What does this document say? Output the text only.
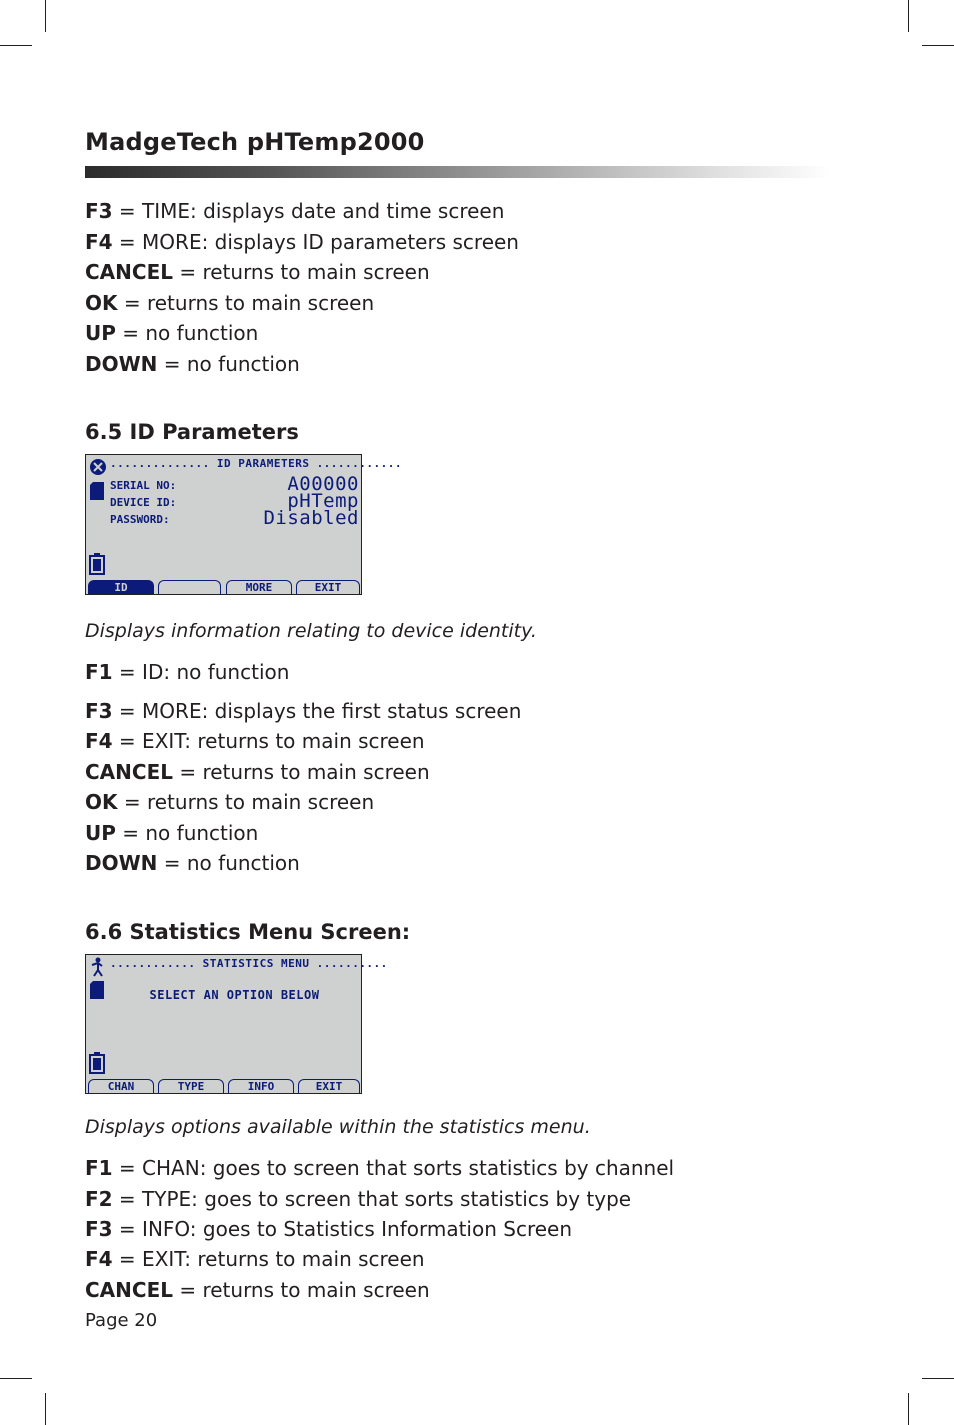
MadgeTech pHTemp2000
F3 = TIME: displays date and time screen
F4 = MORE: displays ID parameters screen
CANCEL = returns to main screen
OK = returns to main screen
UP = no function
DOWN = no function
6.5 ID Parameters
.............. ID PARAMETERS ............
SERIAL NO:	A00000
DEVICE ID:	pHTemp
PASSWORD:	Disabled
ID	MORE	EXIT
Displays information relating to device identity.
F1 = ID: no function
F3 = MORE: displays the first status screen
F4 = EXIT: returns to main screen
CANCEL = returns to main screen
OK = returns to main screen
UP = no function
DOWN = no function
6.6 Statistics Menu Screen:
............ STATISTICS MENU ..........
SELECT AN OPTION BELOW
CHAN	TYPE	INFO	EXIT
Displays options available within the statistics menu.
F1 = CHAN: goes to screen that sorts statistics by channel
F2 = TYPE: goes to screen that sorts statistics by type
F3 = INFO: goes to Statistics Information Screen
F4 = EXIT: returns to main screen
CANCEL = returns to main screen
Page 20
